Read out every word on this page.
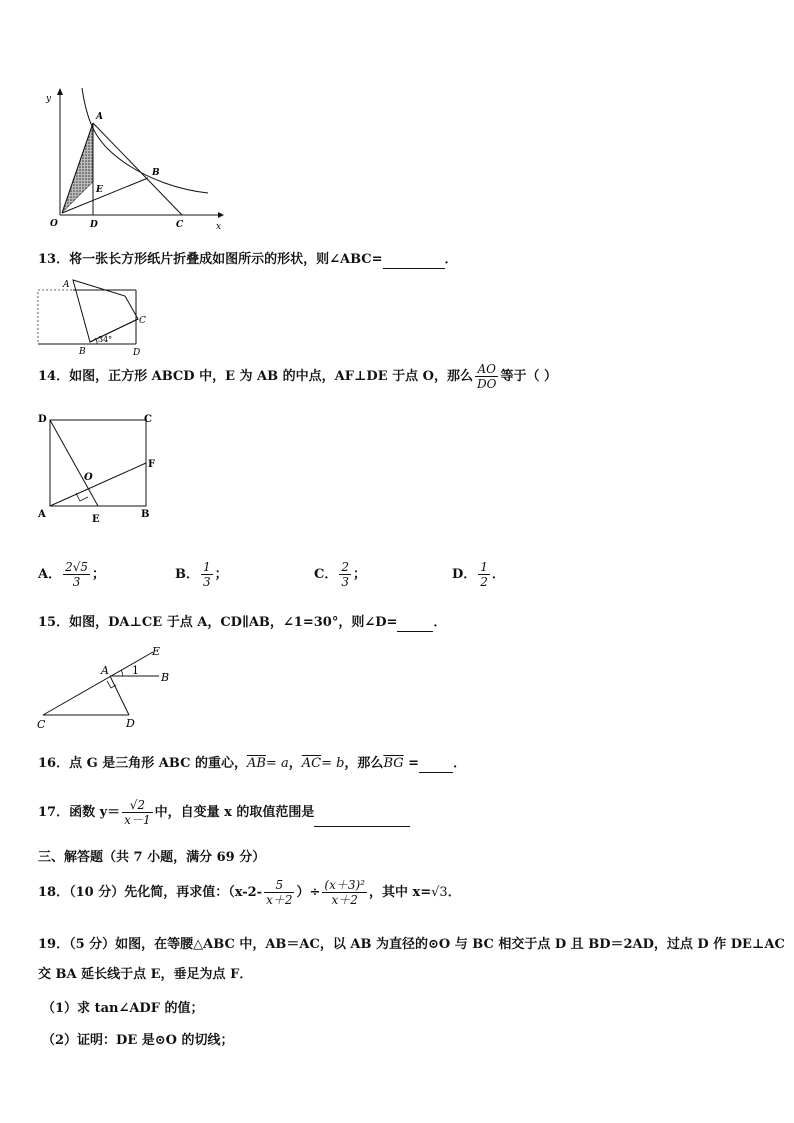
y
x
O
A
B
C
D
E
13．将一张长方形纸片折叠成如图所示的形状，则∠ABC=	．
A
B
C
D
34°
14．如图，正方形 ABCD 中，E 为 AB 的中点，AF⊥DE 于点 O，那么 $\frac{AO}{DO}$ 等于（ ）
D	C
A	B
E
F
O
A． $\frac{2√5}{3}$ ；	B． $\frac{1}{3}$ ；	C． $\frac{2}{3}$ ；	D． $\frac{1}{2}$ ．
15．如图，DA⊥CE 于点 A，CD∥AB，∠1=30°，则∠D=	．
A
B
C	D
E
1
16．点 G 是三角形 ABC 的重心，$\overline{AB}= a$，$\overline{AC}= b$，那么$\overline{BG}$ =	．
17．函数 $y= \frac{√2}{x-1}$ 中，自变量 x 的取值范围是
三、解答题（共 7 小题，满分 69 分）
18．（10 分）先化简，再求值：（$x-2- \frac{5}{x+2}$ ）÷ $\frac{\text{(x＋3)²}}{x+2}$ ，其中 x=√3．
19．（5 分）如图，在等腰△ABC 中，AB＝AC，以 AB 为直径的⊙O 与 BC 相交于点 D 且 BD＝2AD，过点 D 作 DE⊥AC
交 BA 延长线于点 E，垂足为点 F．
（1）求 tan∠ADF 的值；
（2）证明：DE 是⊙O 的切线；
